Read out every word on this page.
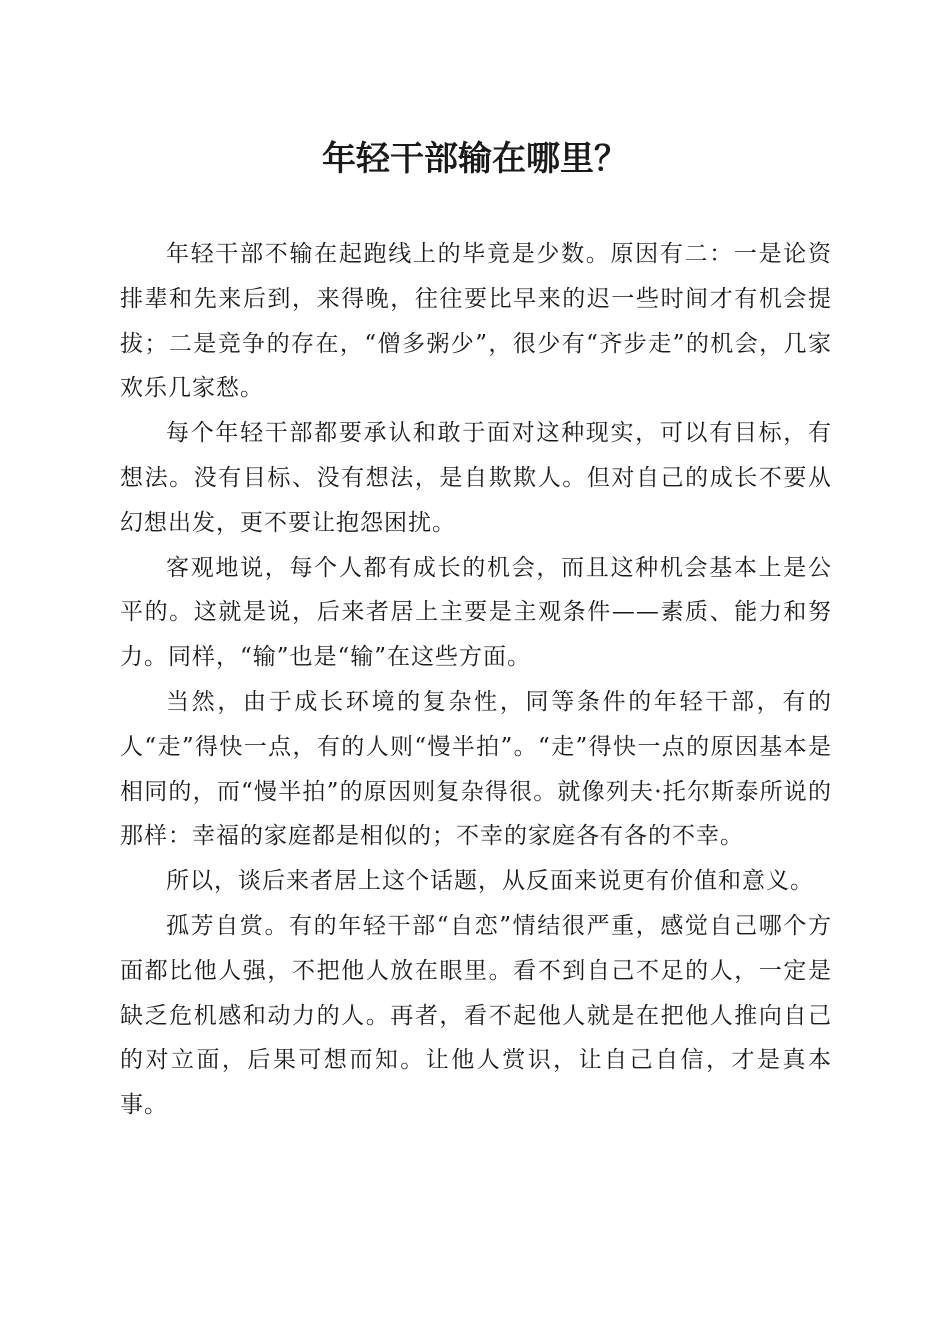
年轻干部输在哪里？

年轻干部不输在起跑线上的毕竟是少数。原因有二：一是论资排辈和先来后到，来得晚，往往要比早来的迟一些时间才有机会提拔；二是竞争的存在，“僧多粥少”，很少有“齐步走”的机会，几家欢乐几家愁。

每个年轻干部都要承认和敢于面对这种现实，可以有目标，有想法。没有目标、没有想法，是自欺欺人。但对自己的成长不要从幻想出发，更不要让抱怨困扰。

客观地说，每个人都有成长的机会，而且这种机会基本上是公平的。这就是说，后来者居上主要是主观条件——素质、能力和努力。同样，“输”也是“输”在这些方面。

当然，由于成长环境的复杂性，同等条件的年轻干部，有的人“走”得快一点，有的人则“慢半拍”。“走”得快一点的原因基本是相同的，而“慢半拍”的原因则复杂得很。就像列夫·托尔斯泰所说的那样：幸福的家庭都是相似的；不幸的家庭各有各的不幸。

所以，谈后来者居上这个话题，从反面来说更有价值和意义。

孤芳自赏。有的年轻干部“自恋”情结很严重，感觉自己哪个方面都比他人强，不把他人放在眼里。看不到自己不足的人，一定是缺乏危机感和动力的人。再者，看不起他人就是在把他人推向自己的对立面，后果可想而知。让他人赏识，让自己自信，才是真本事。
